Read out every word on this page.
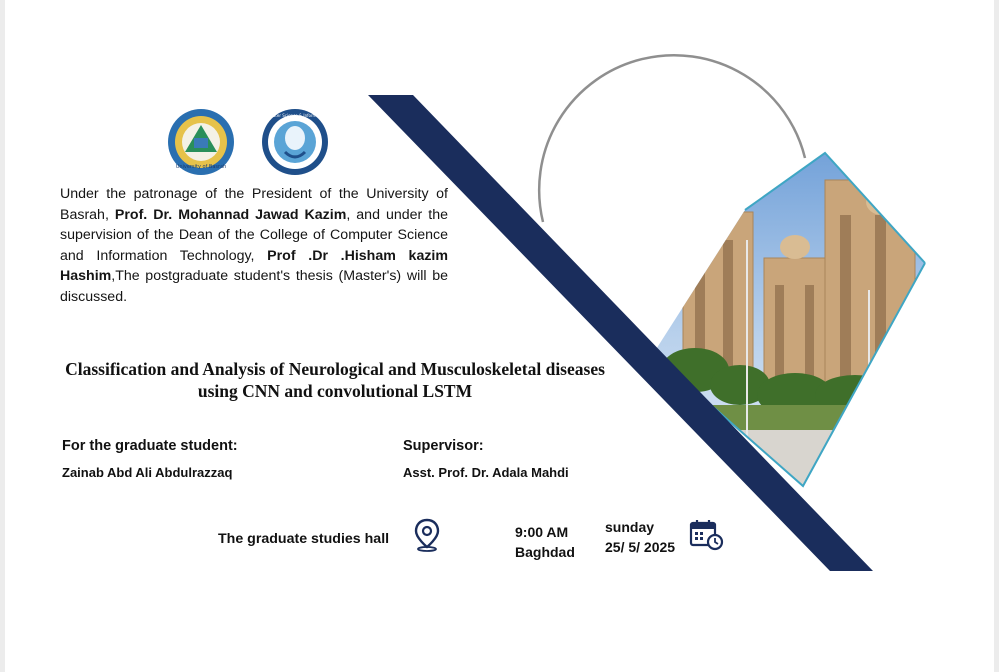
University of Basrah
College of Computer Science & Information Technology
Under the patronage of the President of the University of Basrah, Prof. Dr. Mohannad Jawad Kazim, and under the supervision of the Dean of the College of Computer Science and Information Technology, Prof .Dr .Hisham kazim Hashim,The postgraduate student's thesis (Master's) will be discussed.
Classification and Analysis of Neurological and Musculoskeletal diseases
using CNN and convolutional LSTM
For the graduate student:
Zainab Abd Ali Abdulrazzaq
Supervisor:
Asst. Prof. Dr. Adala Mahdi
The graduate studies hall	9:00 AM
Baghdad
sunday
25/ 5/ 2025
